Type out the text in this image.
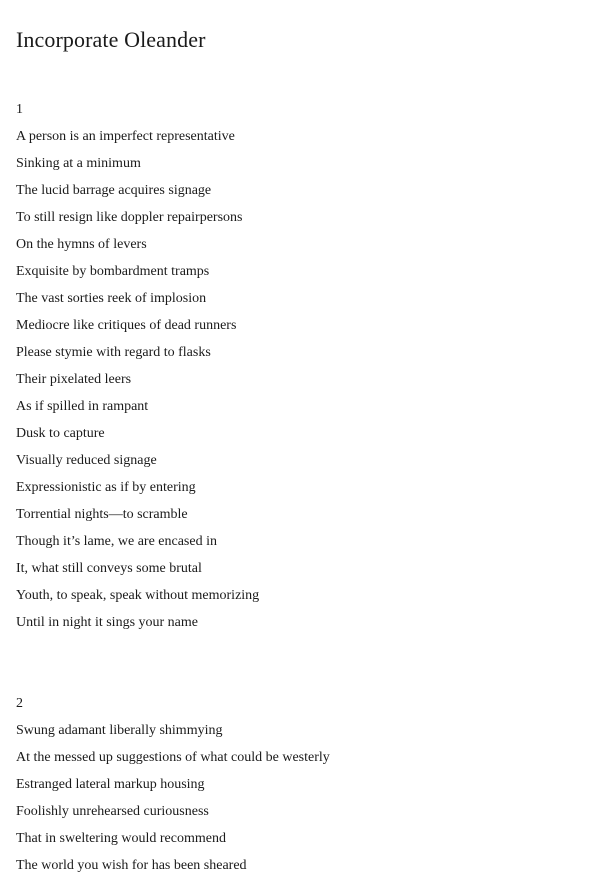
Incorporate Oleander
1
A person is an imperfect representative
Sinking at a minimum
The lucid barrage acquires signage
To still resign like doppler repairpersons
On the hymns of levers
Exquisite by bombardment tramps
The vast sorties reek of implosion
Mediocre like critiques of dead runners
Please stymie with regard to flasks
Their pixelated leers
As if spilled in rampant
Dusk to capture
Visually reduced signage
Expressionistic as if by entering
Torrential nights—to scramble
Though it’s lame, we are encased in
It, what still conveys some brutal
Youth, to speak, speak without memorizing
Until in night it sings your name
2
Swung adamant liberally shimmying
At the messed up suggestions of what could be westerly
Estranged lateral markup housing
Foolishly unrehearsed curiousness
That in sweltering would recommend
The world you wish for has been sheared
